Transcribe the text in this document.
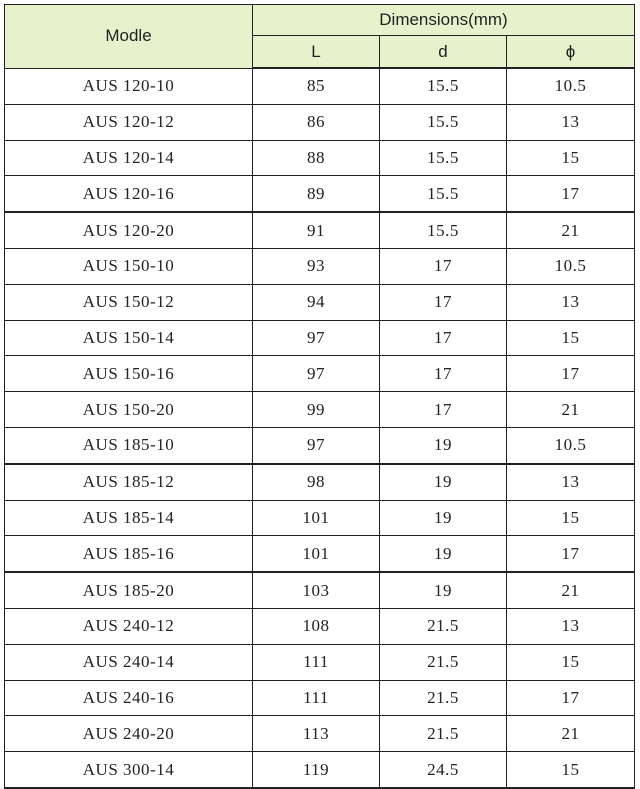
Modle	Dimensions(mm)		
	L	d	ϕ
AUS 120-10	85	15.5	10.5
AUS 120-12	86	15.5	13
AUS 120-14	88	15.5	15
AUS 120-16	89	15.5	17
AUS 120-20	91	15.5	21
AUS 150-10	93	17	10.5
AUS 150-12	94	17	13
AUS 150-14	97	17	15
AUS 150-16	97	17	17
AUS 150-20	99	17	21
AUS 185-10	97	19	10.5
AUS 185-12	98	19	13
AUS 185-14	101	19	15
AUS 185-16	101	19	17
AUS 185-20	103	19	21
AUS 240-12	108	21.5	13
AUS 240-14	111	21.5	15
AUS 240-16	111	21.5	17
AUS 240-20	113	21.5	21
AUS 300-14	119	24.5	15
